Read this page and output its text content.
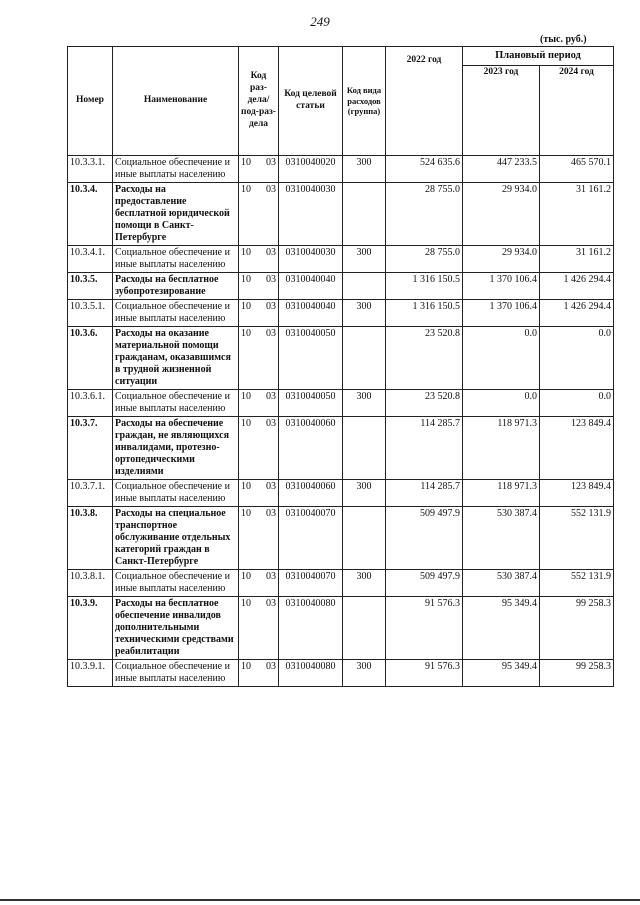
249
(тыс. руб.)
Номер	Наименование	Код раз-дела/под-раз-дела	Код целевой статьи	Код вида расходов (группа)	2022 год	Плановый период	
						2023 год	2024 год
10.3.3.1.	Социальное обеспечение и иные выплаты населению	10 03	0310040020	300	524 635.6	447 233.5	465 570.1
10.3.4.	Расходы на предоставление бесплатной юридической помощи в Санкт-Петербурге	10 03	0310040030		28 755.0	29 934.0	31 161.2
10.3.4.1.	Социальное обеспечение и иные выплаты населению	10 03	0310040030	300	28 755.0	29 934.0	31 161.2
10.3.5.	Расходы на бесплатное зубопротезирование	10 03	0310040040		1 316 150.5	1 370 106.4	1 426 294.4
10.3.5.1.	Социальное обеспечение и иные выплаты населению	10 03	0310040040	300	1 316 150.5	1 370 106.4	1 426 294.4
10.3.6.	Расходы на оказание материальной помощи гражданам, оказавшимся в трудной жизненной ситуации	10 03	0310040050		23 520.8	0.0	0.0
10.3.6.1.	Социальное обеспечение и иные выплаты населению	10 03	0310040050	300	23 520.8	0.0	0.0
10.3.7.	Расходы на обеспечение граждан, не являющихся инвалидами, протезно-ортопедическими изделиями	10 03	0310040060		114 285.7	118 971.3	123 849.4
10.3.7.1.	Социальное обеспечение и иные выплаты населению	10 03	0310040060	300	114 285.7	118 971.3	123 849.4
10.3.8.	Расходы на специальное транспортное обслуживание отдельных категорий граждан в Санкт-Петербурге	10 03	0310040070		509 497.9	530 387.4	552 131.9
10.3.8.1.	Социальное обеспечение и иные выплаты населению	10 03	0310040070	300	509 497.9	530 387.4	552 131.9
10.3.9.	Расходы на бесплатное обеспечение инвалидов дополнительными техническими средствами реабилитации	10 03	0310040080		91 576.3	95 349.4	99 258.3
10.3.9.1.	Социальное обеспечение и иные выплаты населению	10 03	0310040080	300	91 576.3	95 349.4	99 258.3
